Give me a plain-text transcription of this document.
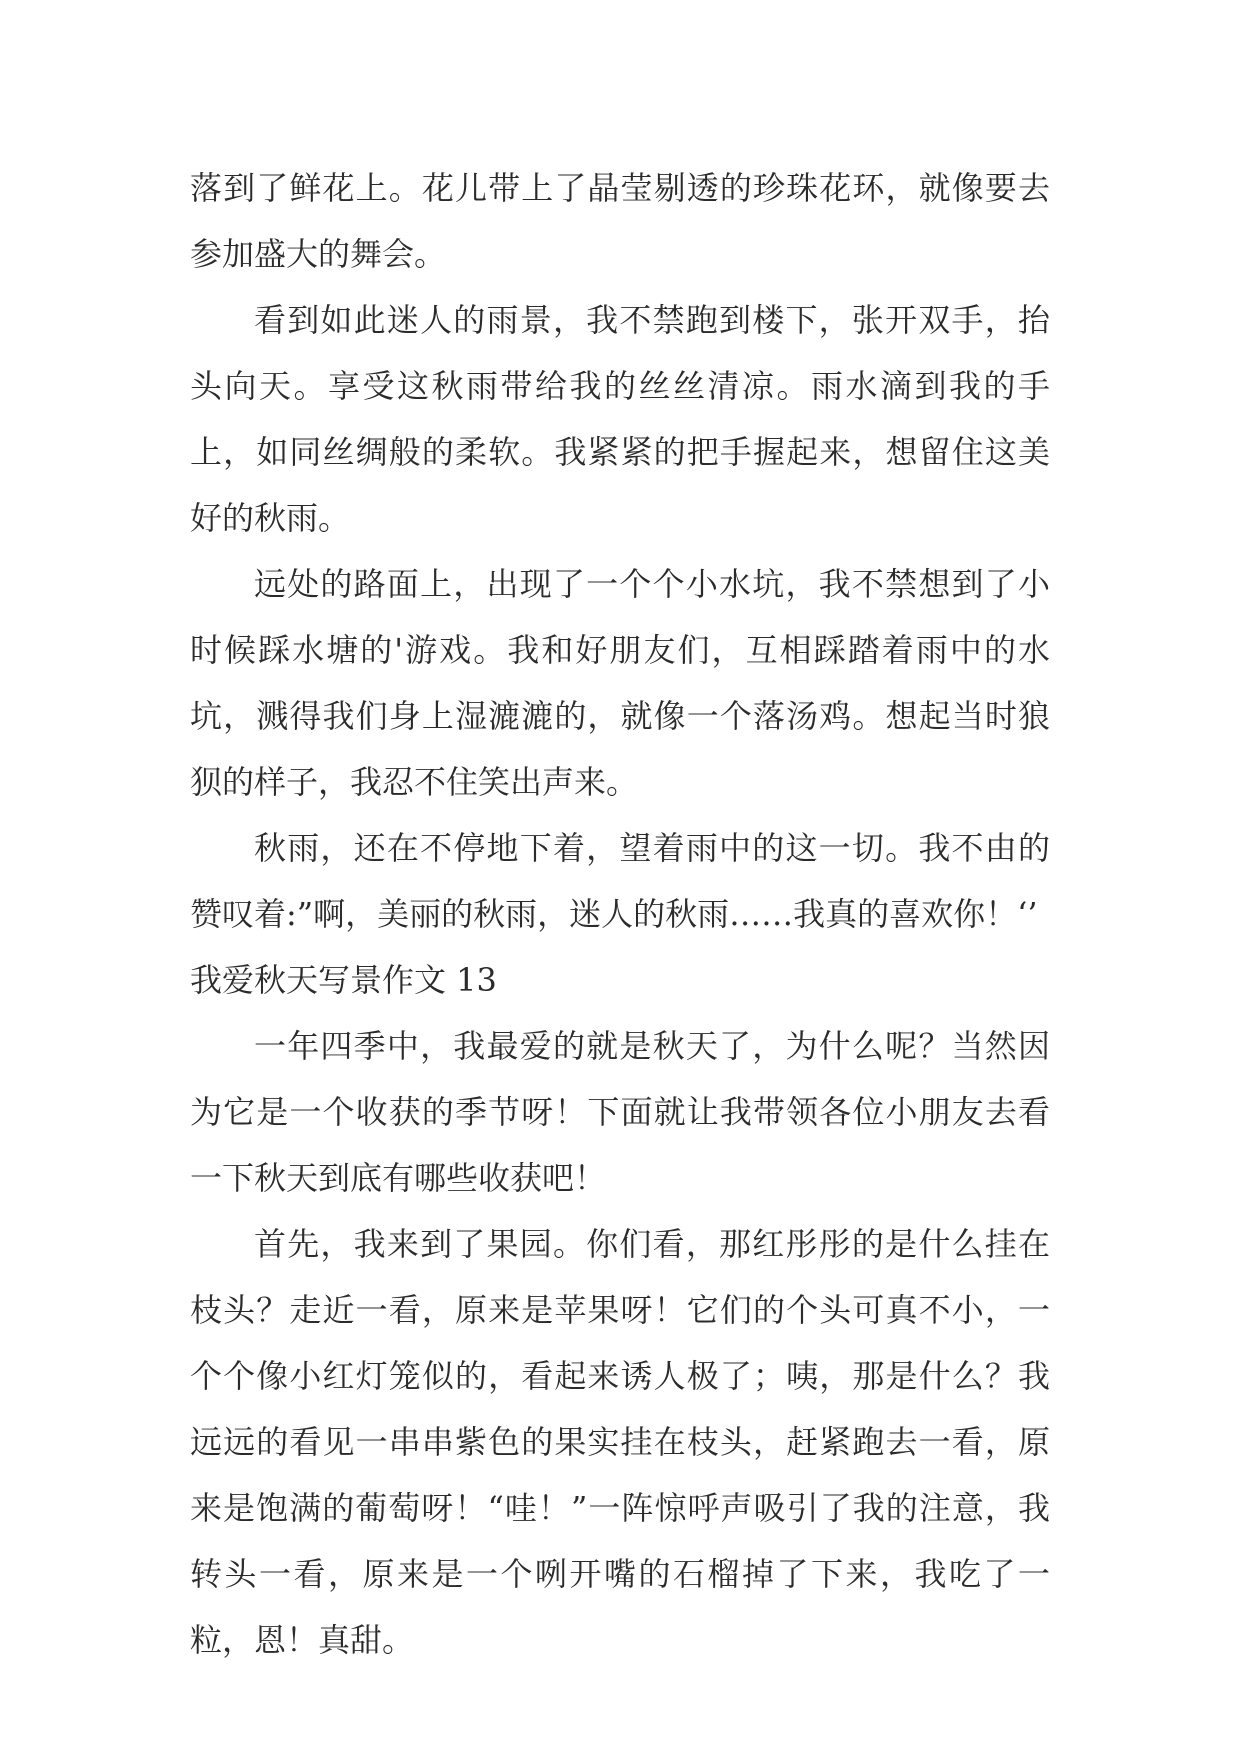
落到了鲜花上。花儿带上了晶莹剔透的珍珠花环，就像要去参加盛大的舞会。

看到如此迷人的雨景，我不禁跑到楼下，张开双手，抬头向天。享受这秋雨带给我的丝丝清凉。雨水滴到我的手上，如同丝绸般的柔软。我紧紧的把手握起来，想留住这美好的秋雨。

远处的路面上，出现了一个个小水坑，我不禁想到了小时候踩水塘的'游戏。我和好朋友们，互相踩踏着雨中的水坑，溅得我们身上湿漉漉的，就像一个落汤鸡。想起当时狼狈的样子，我忍不住笑出声来。

秋雨，还在不停地下着，望着雨中的这一切。我不由的赞叹着:”啊，美丽的秋雨，迷人的秋雨……我真的喜欢你！‘’

我爱秋天写景作文 13

一年四季中，我最爱的就是秋天了，为什么呢？当然因为它是一个收获的季节呀！下面就让我带领各位小朋友去看一下秋天到底有哪些收获吧！

首先，我来到了果园。你们看，那红彤彤的是什么挂在枝头？走近一看，原来是苹果呀！它们的个头可真不小，一个个像小红灯笼似的，看起来诱人极了；咦，那是什么？我远远的看见一串串紫色的果实挂在枝头，赶紧跑去一看，原来是饱满的葡萄呀！“哇！”一阵惊呼声吸引了我的注意，我转头一看，原来是一个咧开嘴的石榴掉了下来，我吃了一粒，恩！真甜。
